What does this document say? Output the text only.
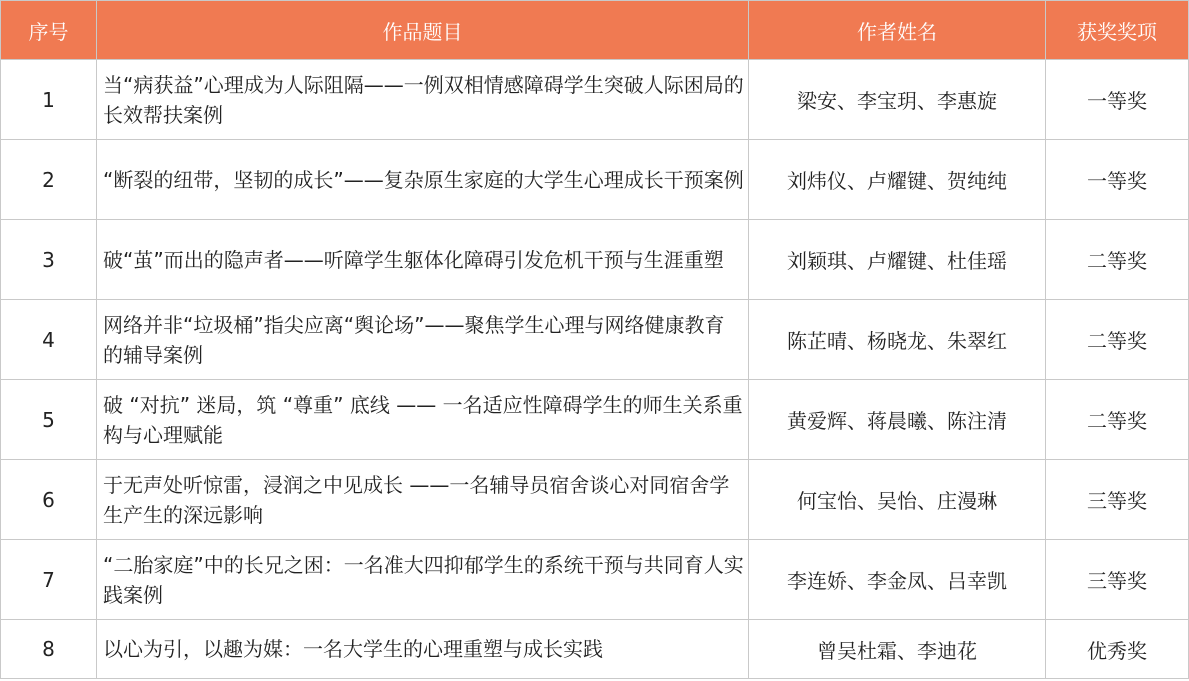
序号	作品题目	作者姓名	获奖奖项
1	当“病获益”心理成为人际阻隔——一例双相情感障碍学生突破人际困局的长效帮扶案例	梁安、李宝玥、李惠旋	一等奖
2	“断裂的纽带，坚韧的成长”——复杂原生家庭的大学生心理成长干预案例	刘炜仪、卢耀键、贺纯纯	一等奖
3	破“茧”而出的隐声者——听障学生躯体化障碍引发危机干预与生涯重塑	刘颖琪、卢耀键、杜佳瑶	二等奖
4	网络并非“垃圾桶”指尖应离“舆论场”——聚焦学生心理与网络健康教育的辅导案例	陈芷晴、杨晓龙、朱翠红	二等奖
5	破 “对抗” 迷局，筑 “尊重” 底线 —— 一名适应性障碍学生的师生关系重构与心理赋能	黄爱辉、蒋晨曦、陈注清	二等奖
6	于无声处听惊雷，浸润之中见成长 ——一名辅导员宿舍谈心对同宿舍学生产生的深远影响	何宝怡、吴怡、庄漫琳	三等奖
7	“二胎家庭”中的长兄之困：一名准大四抑郁学生的系统干预与共同育人实践案例	李连娇、李金凤、吕幸凯	三等奖
8	以心为引，以趣为媒：一名大学生的心理重塑与成长实践	曾吴杜霜、李迪花	优秀奖
